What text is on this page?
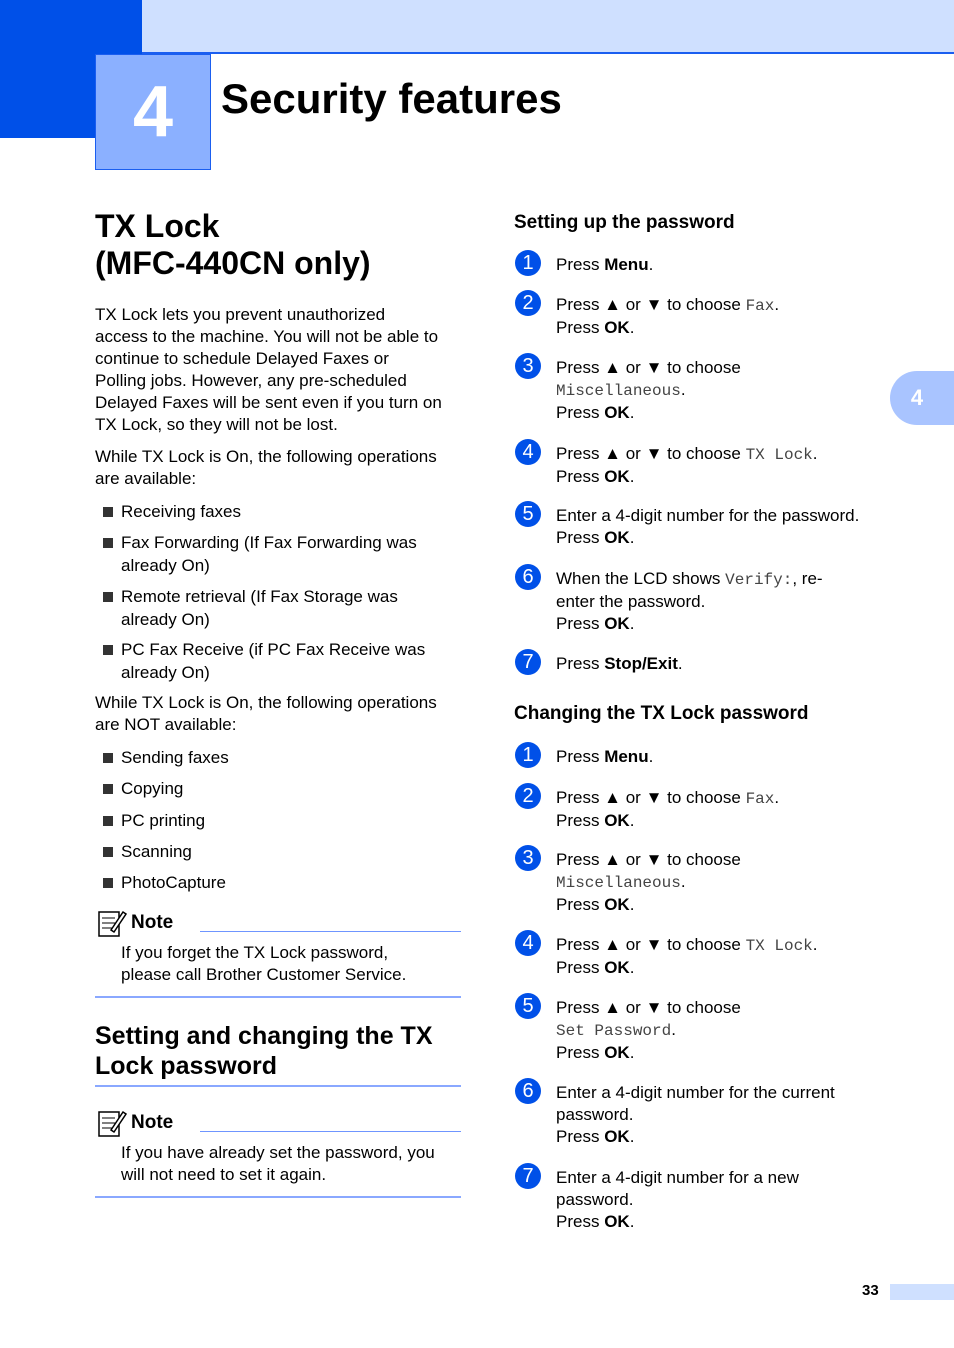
4 Security features
4
TX Lock
(MFC-440CN only)
TX Lock lets you prevent unauthorized
access to the machine. You will not be able to
continue to schedule Delayed Faxes or
Polling jobs. However, any pre-scheduled
Delayed Faxes will be sent even if you turn on
TX Lock, so they will not be lost.
While TX Lock is On, the following operations
are available:
Receiving faxes
Fax Forwarding (If Fax Forwarding was
already On)
Remote retrieval (If Fax Storage was
already On)
PC Fax Receive (if PC Fax Receive was
already On)
While TX Lock is On, the following operations
are NOT available:
Sending faxes
Copying
PC printing
Scanning
PhotoCapture
Note
If you forget the TX Lock password,
please call Brother Customer Service.
Setting and changing the TX
Lock password
Note
If you have already set the password, you
will not need to set it again.
Setting up the password
1	Press Menu.
2	Press ▲ or ▼ to choose Fax.
Press OK.
3	Press ▲ or ▼ to choose
Miscellaneous.
Press OK.
4	Press ▲ or ▼ to choose TX Lock.
Press OK.
5	Enter a 4-digit number for the password.
Press OK.
6	When the LCD shows Verify:, re-
enter the password.
Press OK.
7	Press Stop/Exit.
Changing the TX Lock password
1	Press Menu.
2	Press ▲ or ▼ to choose Fax.
Press OK.
3	Press ▲ or ▼ to choose
Miscellaneous.
Press OK.
4	Press ▲ or ▼ to choose TX Lock.
Press OK.
5	Press ▲ or ▼ to choose
Set Password.
Press OK.
6	Enter a 4-digit number for the current
password.
Press OK.
7	Enter a 4-digit number for a new
password.
Press OK.
33
